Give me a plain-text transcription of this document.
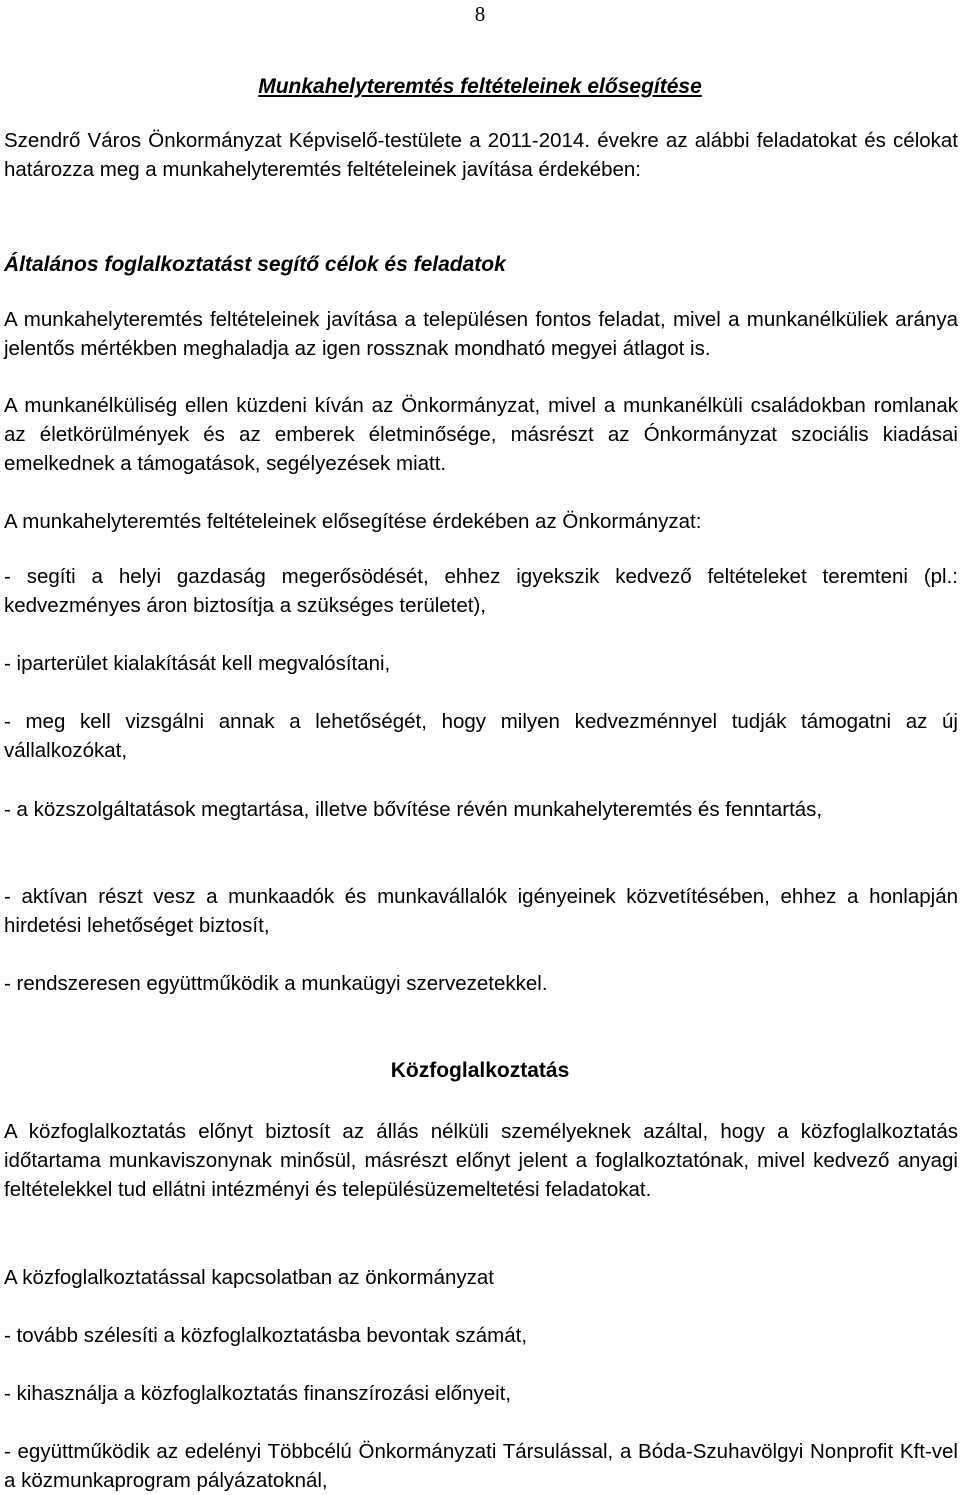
8
Munkahelyteremtés feltételeinek elősegítése

Szendrő Város Önkormányzat Képviselő-testülete a 2011-2014. évekre az alábbi feladatokat és célokat határozza meg a munkahelyteremtés feltételeinek javítása érdekében:

Általános foglalkoztatást segítő célok és feladatok

A munkahelyteremtés feltételeinek javítása a településen fontos feladat, mivel a munkanélküliek aránya jelentős mértékben meghaladja az igen rossznak mondható megyei átlagot is.

A munkanélküliség ellen küzdeni kíván az Önkormányzat, mivel a munkanélküli családokban romlanak az életkörülmények és az emberek életminősége, másrészt az Ónkormányzat szociális kiadásai emelkednek a támogatások, segélyezések miatt.

A munkahelyteremtés feltételeinek elősegítése érdekében az Önkormányzat:

- segíti a helyi gazdaság megerősödését, ehhez igyekszik kedvező feltételeket teremteni (pl.: kedvezményes áron biztosítja a szükséges területet),

- iparterület kialakítását kell megvalósítani,

- meg kell vizsgálni annak a lehetőségét, hogy milyen kedvezménnyel tudják támogatni az új vállalkozókat,

- a közszolgáltatások megtartása, illetve bővítése révén munkahelyteremtés és fenntartás,

- aktívan részt vesz a munkaadók és munkavállalók igényeinek közvetítésében, ehhez a honlapján hirdetési lehetőséget biztosít,

- rendszeresen együttműködik a munkaügyi szervezetekkel.

Közfoglalkoztatás

A közfoglalkoztatás előnyt biztosít az állás nélküli személyeknek azáltal, hogy a közfoglalkoztatás időtartama munkaviszonynak minősül, másrészt előnyt jelent a foglalkoztatónak, mivel kedvező anyagi feltételekkel tud ellátni intézményi és településüzemeltetési feladatokat.

A közfoglalkoztatással kapcsolatban az önkormányzat

- tovább szélesíti a közfoglalkoztatásba bevontak számát,

- kihasználja a közfoglalkoztatás finanszírozási előnyeit,

- együttműködik az edelényi Többcélú Önkormányzati Társulással, a Bóda-Szuhavölgyi Nonprofit Kft-vel a közmunkaprogram pályázatoknál,
